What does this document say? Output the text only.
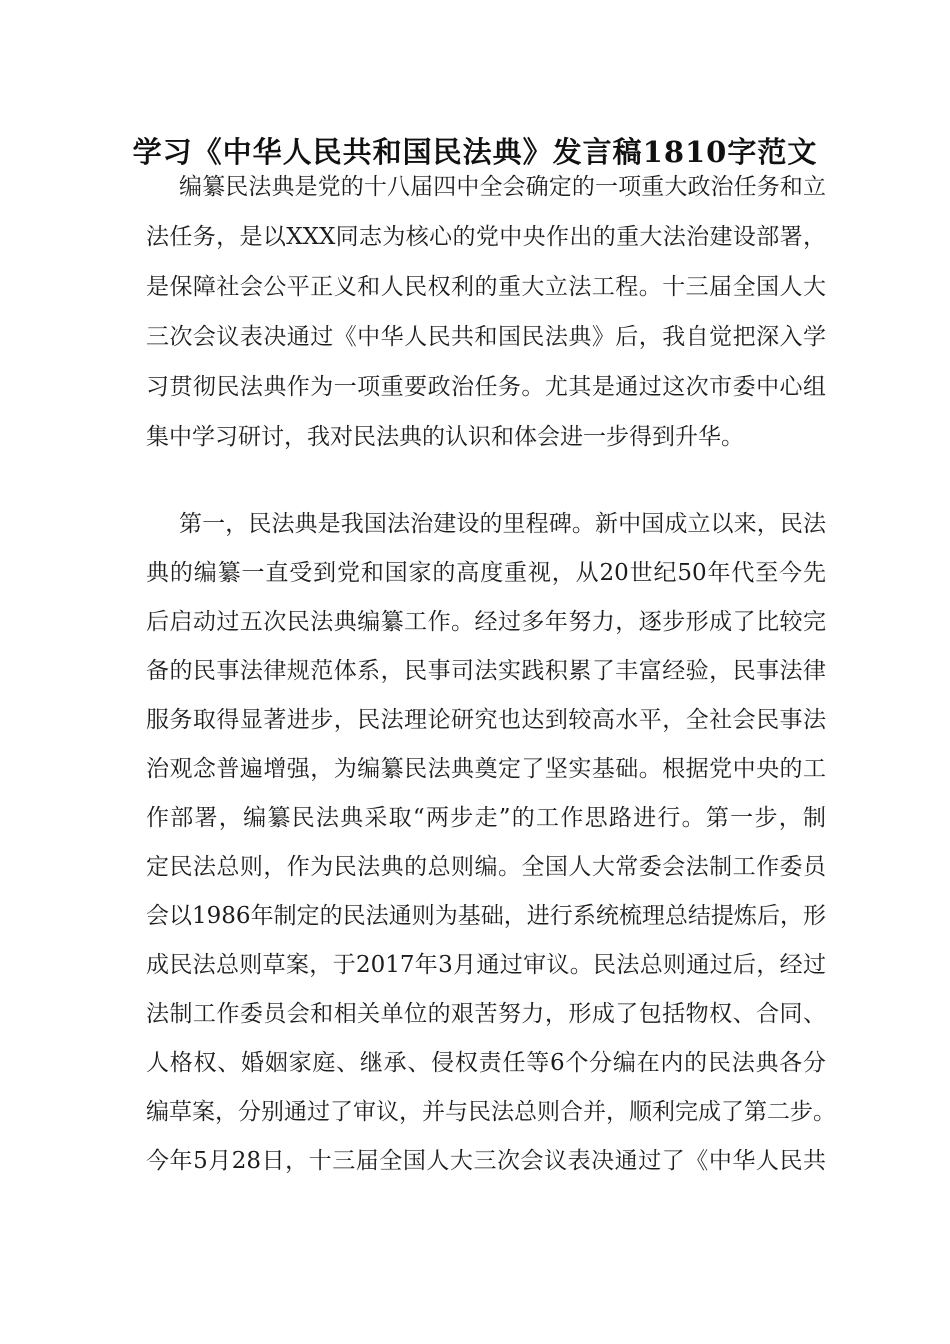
学习《中华人民共和国民法典》发言稿1810字范文
编纂民法典是党的十八届四中全会确定的一项重大政治任务和立
法任务，是以XXX同志为核心的党中央作出的重大法治建设部署，
是保障社会公平正义和人民权利的重大立法工程。十三届全国人大
三次会议表决通过《中华人民共和国民法典》后，我自觉把深入学
习贯彻民法典作为一项重要政治任务。尤其是通过这次市委中心组
集中学习研讨，我对民法典的认识和体会进一步得到升华。
第一，民法典是我国法治建设的里程碑。新中国成立以来，民法
典的编纂一直受到党和国家的高度重视，从20世纪50年代至今先
后启动过五次民法典编纂工作。经过多年努力，逐步形成了比较完
备的民事法律规范体系，民事司法实践积累了丰富经验，民事法律
服务取得显著进步，民法理论研究也达到较高水平，全社会民事法
治观念普遍增强，为编纂民法典奠定了坚实基础。根据党中央的工
作部署，编纂民法典采取“两步走”的工作思路进行。第一步，制
定民法总则，作为民法典的总则编。全国人大常委会法制工作委员
会以1986年制定的民法通则为基础，进行系统梳理总结提炼后，形
成民法总则草案，于2017年3月通过审议。民法总则通过后，经过
法制工作委员会和相关单位的艰苦努力，形成了包括物权、合同、
人格权、婚姻家庭、继承、侵权责任等6个分编在内的民法典各分
编草案，分别通过了审议，并与民法总则合并，顺利完成了第二步。
今年5月28日，十三届全国人大三次会议表决通过了《中华人民共
